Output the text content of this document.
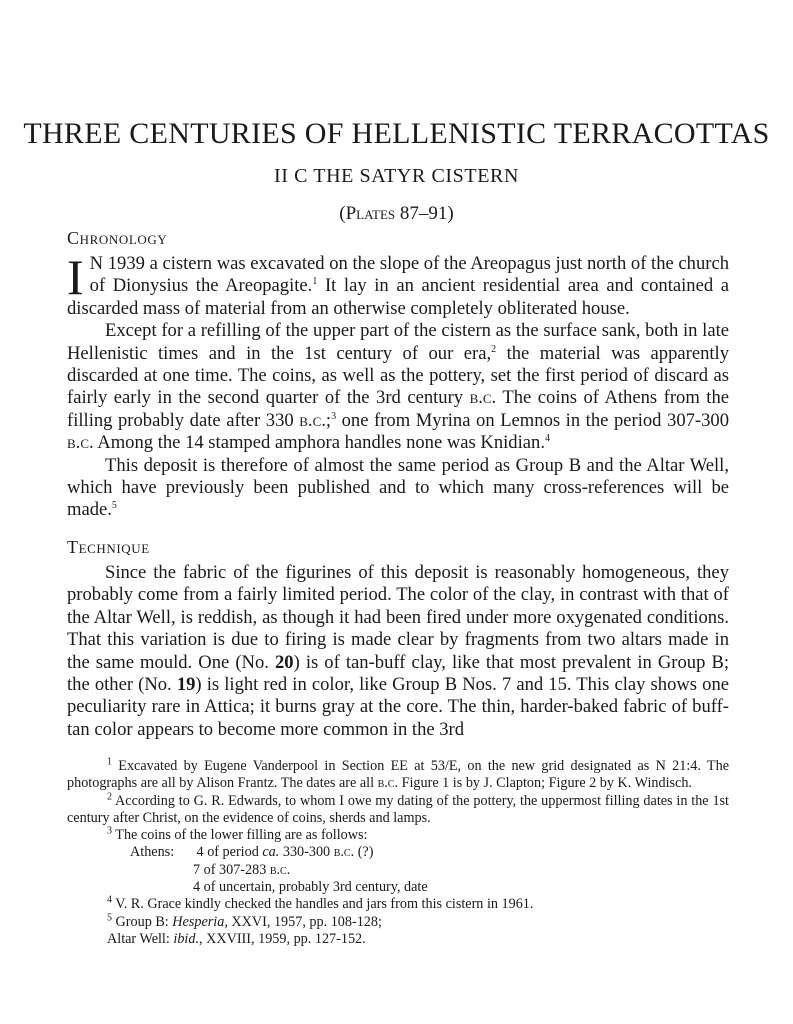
THREE CENTURIES OF HELLENISTIC TERRACOTTAS
II C THE SATYR CISTERN
(Plates 87–91)
Chronology

I N 1939 a cistern was excavated on the slope of the Areopagus just north of the church of Dionysius the Areopagite.$^1$ It lay in an ancient residential area and contained a discarded mass of material from an otherwise completely obliterated house.

Except for a refilling of the upper part of the cistern as the surface sank, both in late Hellenistic times and in the 1st century of our era,$^2$ the material was apparently discarded at one time. The coins, as well as the pottery, set the first period of discard as fairly early in the second quarter of the 3rd century b.c. The coins of Athens from the filling probably date after 330 b.c.;$^3$ one from Myrina on Lemnos in the period 307-300 b.c. Among the 14 stamped amphora handles none was Knidian.$^4$

This deposit is therefore of almost the same period as Group B and the Altar Well, which have previously been published and to which many cross-references will be made.$^5$

Technique

Since the fabric of the figurines of this deposit is reasonably homogeneous, they probably come from a fairly limited period. The color of the clay, in contrast with that of the Altar Well, is reddish, as though it had been fired under more oxygenated conditions. That this variation is due to firing is made clear by fragments from two altars made in the same mould. One (No. 20) is of tan-buff clay, like that most prevalent in Group B; the other (No. 19) is light red in color, like Group B Nos. 7 and 15. This clay shows one peculiarity rare in Attica; it burns gray at the core. The thin, harder-baked fabric of buff-tan color appears to become more common in the 3rd

$^1$ Excavated by Eugene Vanderpool in Section EE at 53/E, on the new grid designated as N 21:4. The photographs are all by Alison Frantz. The dates are all b.c. Figure 1 is by J. Clapton; Figure 2 by K. Windisch.

$^2$ According to G. R. Edwards, to whom I owe my dating of the pottery, the uppermost filling dates in the 1st century after Christ, on the evidence of coins, sherds and lamps.

$^3$ The coins of the lower filling are as follows:

Athens: 4 of period ca. 330-300 b.c. (?)
7 of 307-283 b.c.
4 of uncertain, probably 3rd century, date

$^4$ V. R. Grace kindly checked the handles and jars from this cistern in 1961.

$^5$ Group B: Hesperia, XXVI, 1957, pp. 108-128;

Altar Well: ibid., XXVIII, 1959, pp. 127-152.
